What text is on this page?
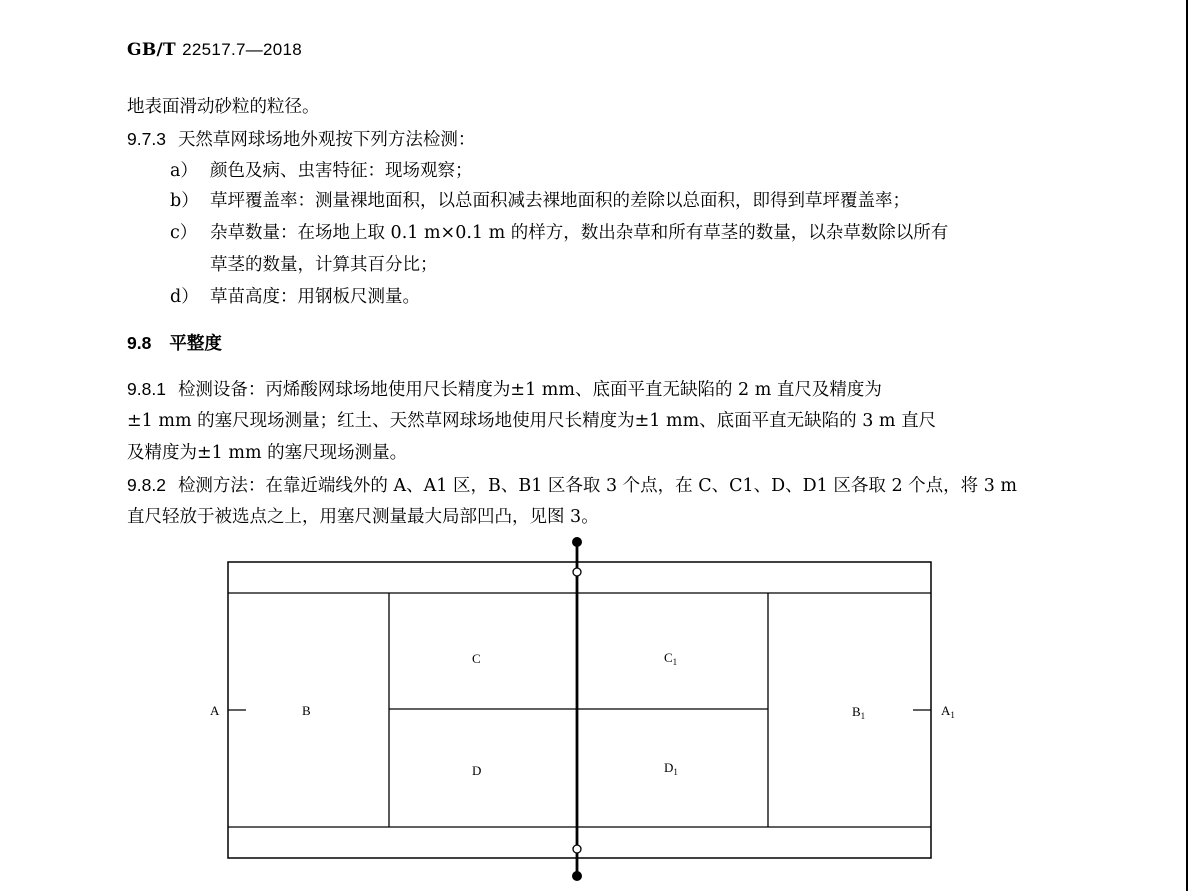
GB/T 22517.7—2018
地表面滑动砂粒的粒径。
9.7.3 天然草网球场地外观按下列方法检测：
a） 颜色及病、虫害特征：现场观察；
b） 草坪覆盖率：测量裸地面积，以总面积减去裸地面积的差除以总面积，即得到草坪覆盖率；
c） 杂草数量：在场地上取 0.1 m×0.1 m 的样方，数出杂草和所有草茎的数量，以杂草数除以所有
草茎的数量，计算其百分比；
d） 草苗高度：用钢板尺测量。
9.8 平整度
9.8.1 检测设备：丙烯酸网球场地使用尺长精度为±1 mm、底面平直无缺陷的 2 m 直尺及精度为
±1 mm 的塞尺现场测量；红土、天然草网球场地使用尺长精度为±1 mm、底面平直无缺陷的 3 m 直尺
及精度为±1 mm 的塞尺现场测量。
9.8.2 检测方法：在靠近端线外的 A、A1 区，B、B1 区各取 3 个点，在 C、C1、D、D1 区各取 2 个点，将 3 m
直尺轻放于被选点之上，用塞尺测量最大局部凹凸，见图 3。
A	B
C
D
$C_1$
$D_1$
$B_1$	$A_1$
